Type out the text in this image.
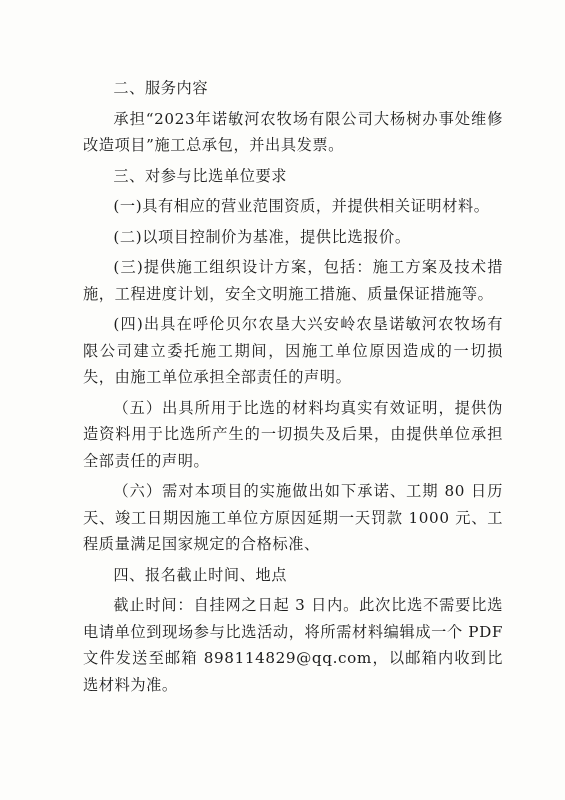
二、服务内容

承担“2023年诺敏河农牧场有限公司大杨树办事处维修改造项目”施工总承包，并出具发票。

三、对参与比选单位要求

(一)具有相应的营业范围资质，并提供相关证明材料。

(二)以项目控制价为基准，提供比选报价。

(三)提供施工组织设计方案，包括：施工方案及技术措施，工程进度计划，安全文明施工措施、质量保证措施等。

(四)出具在呼伦贝尔农垦大兴安岭农垦诺敏河农牧场有限公司建立委托施工期间，因施工单位原因造成的一切损失，由施工单位承担全部责任的声明。

（五）出具所用于比选的材料均真实有效证明，提供伪造资料用于比选所产生的一切损失及后果，由提供单位承担全部责任的声明。

（六）需对本项目的实施做出如下承诺、工期 80 日历天、竣工日期因施工单位方原因延期一天罚款 1000 元、工程质量满足国家规定的合格标准、

四、报名截止时间、地点

截止时间：自挂网之日起 3 日内。此次比选不需要比选电请单位到现场参与比选活动，将所需材料编辑成一个 PDF 文件发送至邮箱 898114829@qq.com，以邮箱内收到比选材料为准。
